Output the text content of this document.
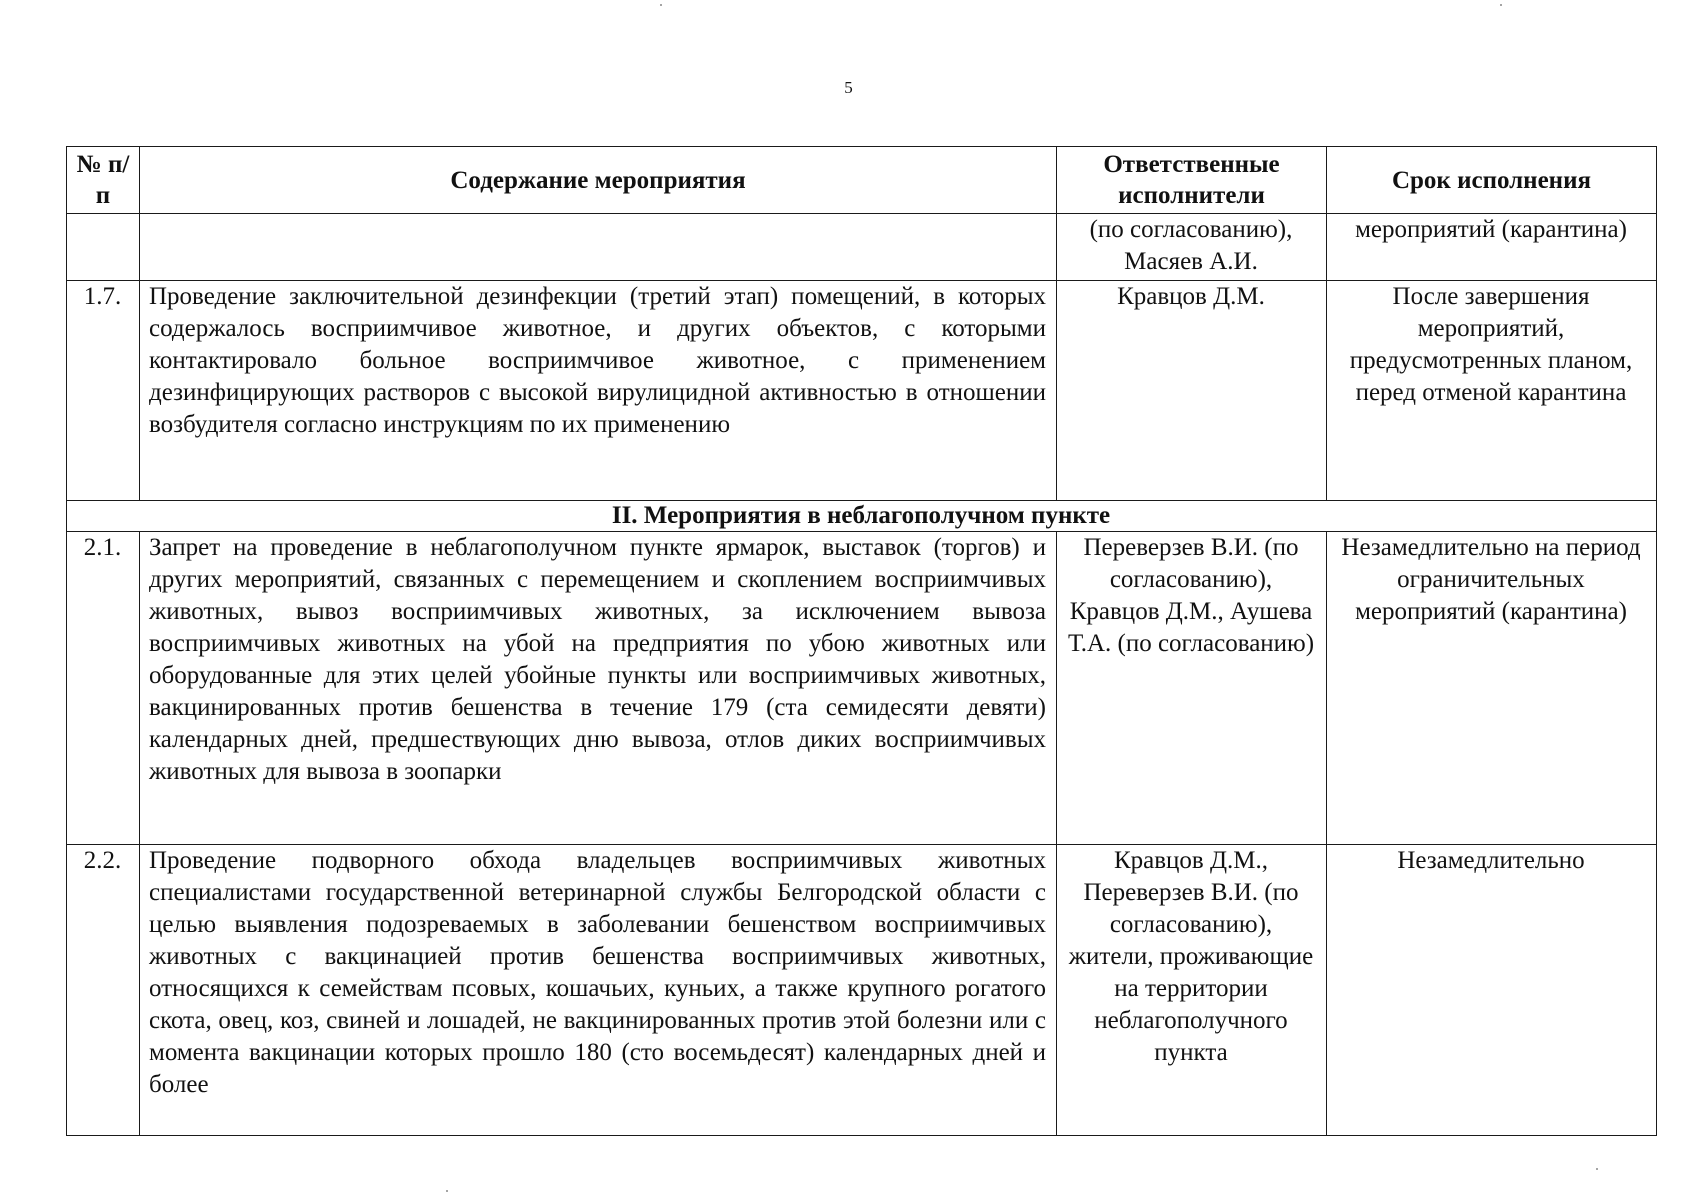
5
№ п/п	Содержание мероприятия	Ответственные исполнители	Срок исполнения
		(по согласованию), Масяев А.И.	мероприятий (карантина)
1.7.	Проведение заключительной дезинфекции (третий этап) помещений, в которых содержалось восприимчивое животное, и других объектов, с которыми контактировало больное восприимчивое животное, с применением дезинфицирующих растворов с высокой вирулицидной активностью в отношении возбудителя согласно инструкциям по их применению	Кравцов Д.М.	После завершения мероприятий, предусмотренных планом, перед отменой карантина
II. Мероприятия в неблагополучном пункте			
2.1.	Запрет на проведение в неблагополучном пункте ярмарок, выставок (торгов) и других мероприятий, связанных с перемещением и скоплением восприимчивых животных, вывоз восприимчивых животных, за исключением вывоза восприимчивых животных на убой на предприятия по убою животных или оборудованные для этих целей убойные пункты или восприимчивых животных, вакцинированных против бешенства в течение 179 (ста семидесяти девяти) календарных дней, предшествующих дню вывоза, отлов диких восприимчивых животных для вывоза в зоопарки	Переверзев В.И. (по согласованию), Кравцов Д.М., Аушева Т.А. (по согласованию)	Незамедлительно на период ограничительных мероприятий (карантина)
2.2.	Проведение подворного обхода владельцев восприимчивых животных специалистами государственной ветеринарной службы Белгородской области с целью выявления подозреваемых в заболевании бешенством восприимчивых животных с вакцинацией против бешенства восприимчивых животных, относящихся к семействам псовых, кошачьих, куньих, а также крупного рогатого скота, овец, коз, свиней и лошадей, не вакцинированных против этой болезни или с момента вакцинации которых прошло 180 (сто восемьдесят) календарных дней и более	Кравцов Д.М., Переверзев В.И. (по согласованию), жители, проживающие на территории неблагополучного пункта	Незамедлительно
